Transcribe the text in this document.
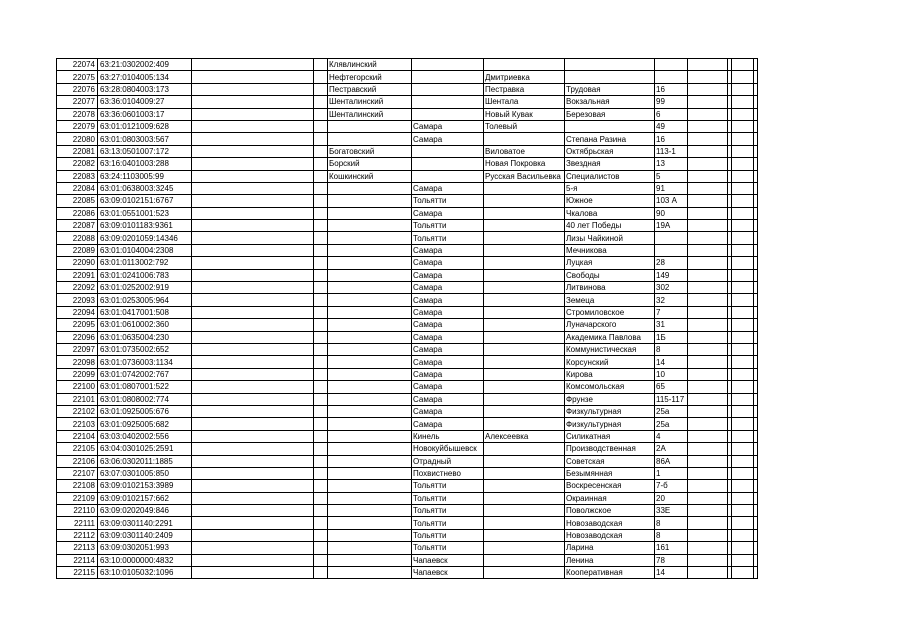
22074	63:21:0302002:409			Клявлинский								
22075	63:27:0104005:134			Нефтегорский		Дмитриевка						
22076	63:28:0804003:173			Пестравский		Пестравка	Трудовая	16				
22077	63:36:0104009:27			Шенталинский		Шентала	Вокзальная	99				
22078	63:36:0601003:17			Шенталинский		Новый Кувак	Березовая	6				
22079	63:01:0121009:628				Самара	Толевый		49				
22080	63:01:0803003:567				Самара		Степана Разина	16				
22081	63:13:0501007:172			Богатовский		Виловатое	Октябрьская	113-1				
22082	63:16:0401003:288			Борский		Новая Покровка	Звездная	13				
22083	63:24:1103005:99			Кошкинский		Русская Васильевка	Специалистов	5				
22084	63:01:0638003:3245				Самара		5-я	91				
22085	63:09:0102151:6767				Тольятти		Южное	103 А				
22086	63:01:0551001:523				Самара		Чкалова	90				
22087	63:09:0101183:9361				Тольятти		40 лет Победы	19А				
22088	63:09:0201059:14346				Тольятти		Лизы Чайкиной					
22089	63:01:0104004:2308				Самара		Мечникова					
22090	63:01:0113002:792				Самара		Луцкая	28				
22091	63:01:0241006:783				Самара		Свободы	149				
22092	63:01:0252002:919				Самара		Литвинова	302				
22093	63:01:0253005:964				Самара		Земеца	32				
22094	63:01:0417001:508				Самара		Стромиловское	7				
22095	63:01:0610002:360				Самара		Луначарского	31				
22096	63:01:0635004:230				Самара		Академика Павлова	1Б				
22097	63:01:0735002:652				Самара		Коммунистическая	8				
22098	63:01:0736003:1134				Самара		Корсунский	14				
22099	63:01:0742002:767				Самара		Кирова	10				
22100	63:01:0807001:522				Самара		Комсомольская	65				
22101	63:01:0808002:774				Самара		Фрунзе	115-117				
22102	63:01:0925005:676				Самара		Физкультурная	25а				
22103	63:01:0925005:682				Самара		Физкультурная	25а				
22104	63:03:0402002:556				Кинель	Алексеевка	Силикатная	4				
22105	63:04:0301025:2591				Новокуйбышевск		Производственная	2А				
22106	63:06:0302011:1885				Отрадный		Советская	86А				
22107	63:07:0301005:850				Похвистнево		Безымянная	1				
22108	63:09:0102153:3989				Тольятти		Воскресенская	7-б				
22109	63:09:0102157:662				Тольятти		Окраинная	20				
22110	63:09:0202049:846				Тольятти		Поволжское	33Е				
22111	63:09:0301140:2291				Тольятти		Новозаводская	8				
22112	63:09:0301140:2409				Тольятти		Новозаводская	8				
22113	63:09:0302051:993				Тольятти		Ларина	161				
22114	63:10:0000000:4832				Чапаевск		Ленина	78				
22115	63:10:0105032:1096				Чапаевск		Кооперативная	14				
